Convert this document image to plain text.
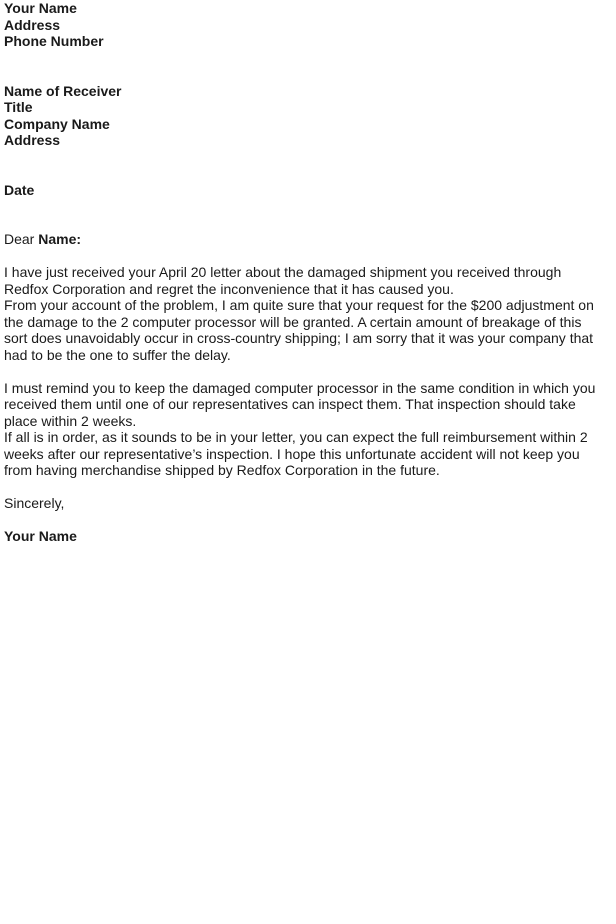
Your Name
Address
Phone Number
Name of Receiver
Title
Company Name
Address
Date
Dear Name:
I have just received your April 20 letter about the damaged shipment you received through
Redfox Corporation and regret the inconvenience that it has caused you.
From your account of the problem, I am quite sure that your request for the $200 adjustment on
the damage to the 2 computer processor will be granted. A certain amount of breakage of this
sort does unavoidably occur in cross-country shipping; I am sorry that it was your company that
had to be the one to suffer the delay.
I must remind you to keep the damaged computer processor in the same condition in which you
received them until one of our representatives can inspect them. That inspection should take
place within 2 weeks.
If all is in order, as it sounds to be in your letter, you can expect the full reimbursement within 2
weeks after our representative’s inspection. I hope this unfortunate accident will not keep you
from having merchandise shipped by Redfox Corporation in the future.
Sincerely,
Your Name
